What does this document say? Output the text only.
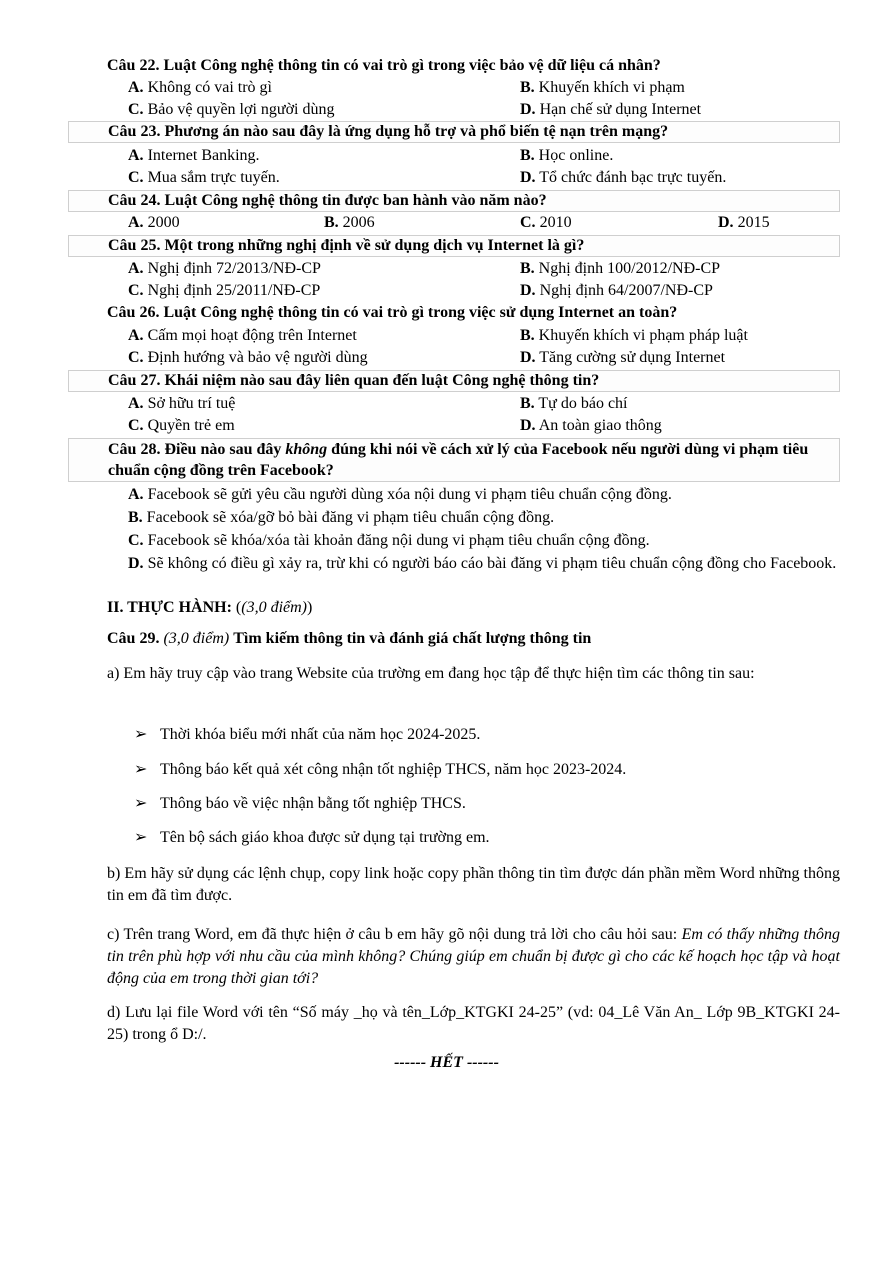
Câu 22. Luật Công nghệ thông tin có vai trò gì trong việc bảo vệ dữ liệu cá nhân?
A. Không có vai trò gì	B. Khuyến khích vi phạm
C. Bảo vệ quyền lợi người dùng	D. Hạn chế sử dụng Internet
Câu 23. Phương án nào sau đây là ứng dụng hỗ trợ và phổ biến tệ nạn trên mạng?
A. Internet Banking.	B. Học online.
C. Mua sắm trực tuyến.	D. Tổ chức đánh bạc trực tuyến.
Câu 24. Luật Công nghệ thông tin được ban hành vào năm nào?
A. 2000	B. 2006	C. 2010	D. 2015
Câu 25. Một trong những nghị định về sử dụng dịch vụ Internet là gì?
A. Nghị định 72/2013/NĐ-CP	B. Nghị định 100/2012/NĐ-CP
C. Nghị định 25/2011/NĐ-CP	D. Nghị định 64/2007/NĐ-CP
Câu 26. Luật Công nghệ thông tin có vai trò gì trong việc sử dụng Internet an toàn?
A. Cấm mọi hoạt động trên Internet	B. Khuyến khích vi phạm pháp luật
C. Định hướng và bảo vệ người dùng	D. Tăng cường sử dụng Internet
Câu 27. Khái niệm nào sau đây liên quan đến luật Công nghệ thông tin?
A. Sở hữu trí tuệ	B. Tự do báo chí
C. Quyền trẻ em	D. An toàn giao thông
Câu 28. Điều nào sau đây không đúng khi nói về cách xử lý của Facebook nếu người dùng vi phạm tiêu chuẩn cộng đồng trên Facebook?
A. Facebook sẽ gửi yêu cầu người dùng xóa nội dung vi phạm tiêu chuẩn cộng đồng.
B. Facebook sẽ xóa/gỡ bỏ bài đăng vi phạm tiêu chuẩn cộng đồng.
C. Facebook sẽ khóa/xóa tài khoản đăng nội dung vi phạm tiêu chuẩn cộng đồng.
D. Sẽ không có điều gì xảy ra, trừ khi có người báo cáo bài đăng vi phạm tiêu chuẩn cộng đồng cho Facebook.
II. THỰC HÀNH: ((3,0 điểm))
Câu 29. (3,0 điểm) Tìm kiếm thông tin và đánh giá chất lượng thông tin
a) Em hãy truy cập vào trang Website của trường em đang học tập để thực hiện tìm các thông tin sau:
➢ Thời khóa biểu mới nhất của năm học 2024-2025.
➢ Thông báo kết quả xét công nhận tốt nghiệp THCS, năm học 2023-2024.
➢ Thông báo về việc nhận bằng tốt nghiệp THCS.
➢ Tên bộ sách giáo khoa được sử dụng tại trường em.
b) Em hãy sử dụng các lệnh chụp, copy link hoặc copy phần thông tin tìm được dán phần mềm Word những thông tin em đã tìm được.
c) Trên trang Word, em đã thực hiện ở câu b em hãy gõ nội dung trả lời cho câu hỏi sau: Em có thấy những thông tin trên phù hợp với nhu cầu của mình không? Chúng giúp em chuẩn bị được gì cho các kế hoạch học tập và hoạt động của em trong thời gian tới?
d) Lưu lại file Word với tên “Số máy _họ và tên_Lớp_KTGKI 24-25” (vd: 04_Lê Văn An_ Lớp 9B_KTGKI 24-25) trong ổ D:/.
------ HẾT ------
